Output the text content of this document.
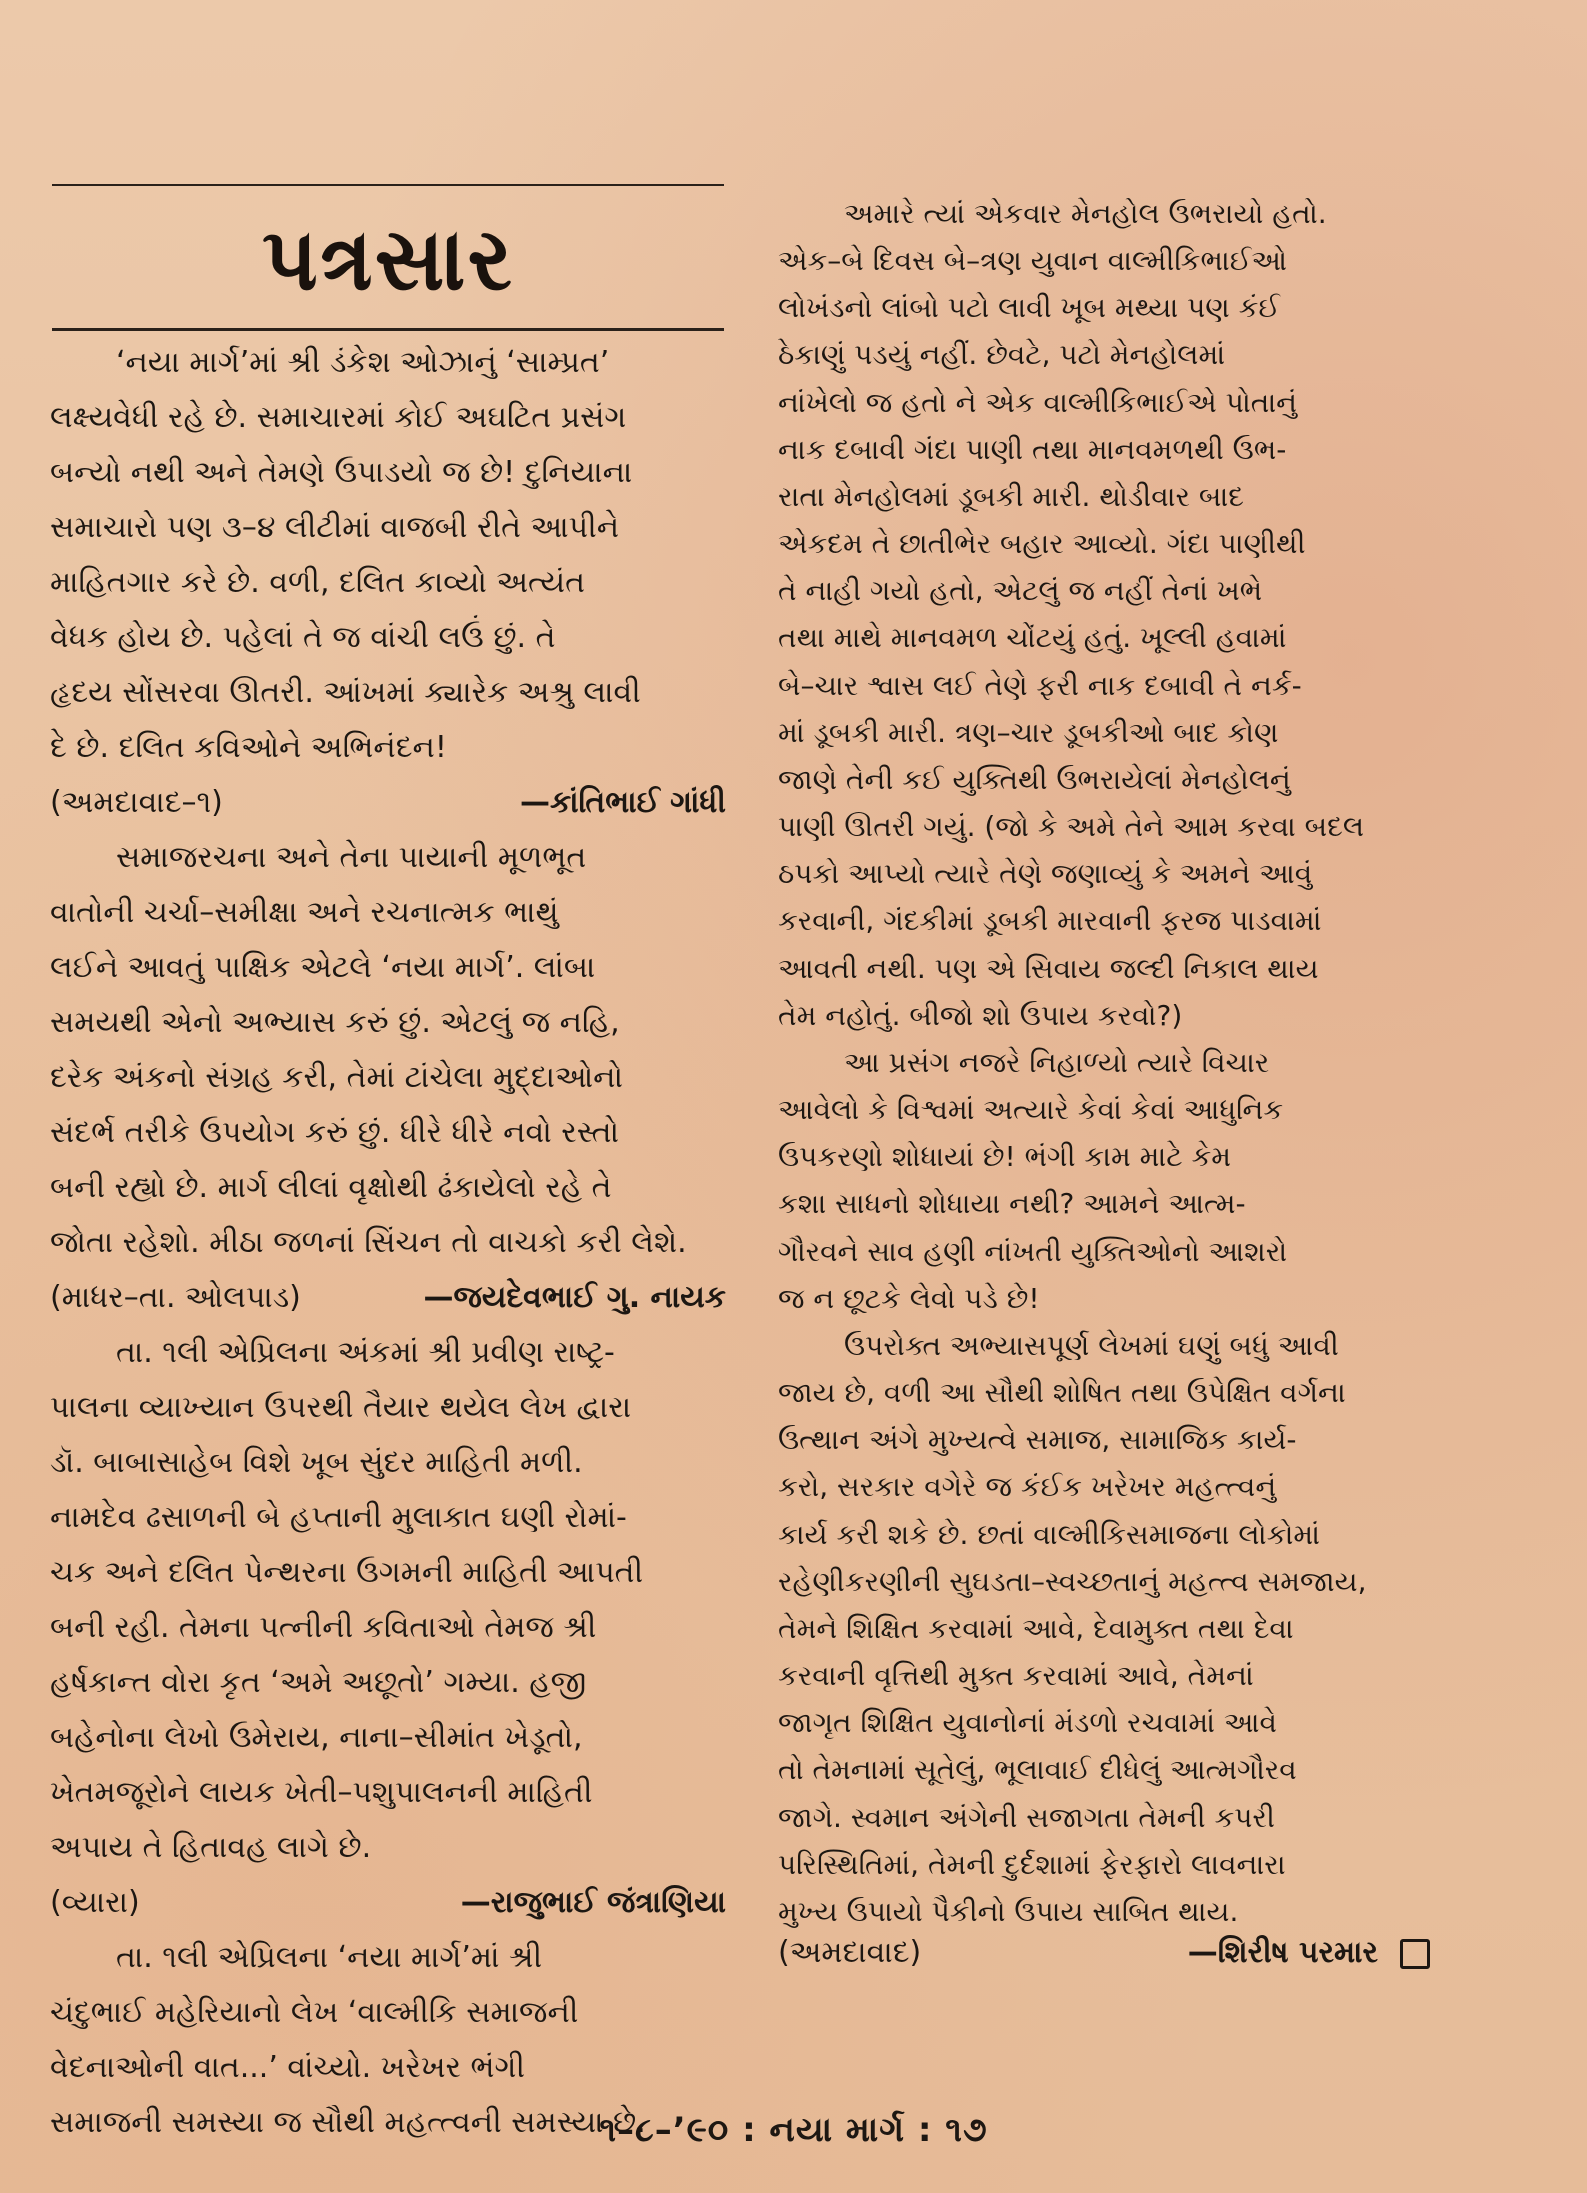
પત્રસાર
‘નયા માર્ગ’માં શ્રી ડંકેશ ઓઝાનું ‘સામ્પ્રત’
લક્ષ્યવેધી રહે છે. સમાચારમાં કોઈ અઘટિત પ્રસંગ
બન્યો નથી અને તેમણે ઉપાડયો જ છે! દુનિયાના
સમાચારો પણ ૩–૪ લીટીમાં વાજબી રીતે આપીને
માહિતગાર કરે છે. વળી, દલિત કાવ્યો અત્યંત
વેધક હોય છે. પહેલાં તે જ વાંચી લઉં છું. તે
હૃદય સોંસરવા ઊતરી. આંખમાં ક્યારેક અશ્રુ લાવી
દે છે. દલિત કવિઓને અભિનંદન!
(અમદાવાદ–૧)	—કાંતિભાઈ ગાંધી
સમાજરચના અને તેના પાયાની મૂળભૂત
વાતોની ચર્ચા–સમીક્ષા અને રચનાત્મક ભાથું
લઈને આવતું પાક્ષિક એટલે ‘નયા માર્ગ’. લાંબા
સમયથી એનો અભ્યાસ કરું છું. એટલું જ નહિ,
દરેક અંકનો સંગ્રહ કરી, તેમાં ટાંચેલા મુદ્દાઓનો
સંદર્ભ તરીકે ઉપયોગ કરું છું. ધીરે ધીરે નવો રસ્તો
બની રહ્યો છે. માર્ગ લીલાં વૃક્ષોથી ઢંકાયેલો રહે તે
જોતા રહેશો. મીઠા જળનાં સિંચન તો વાચકો કરી લેશે.
(માધર–તા. ઓલપાડ)	—જયદેવભાઈ ગુ. નાયક
તા. ૧લી એપ્રિલના અંકમાં શ્રી પ્રવીણ રાષ્ટ્ર-
પાલના વ્યાખ્યાન ઉપરથી તૈયાર થયેલ લેખ દ્વારા
ડૉ. બાબાસાહેબ વિશે ખૂબ સુંદર માહિતી મળી.
નામદેવ ઢસાળની બે હપ્તાની મુલાકાત ઘણી રોમાં-
ચક અને દલિત પેન્થરના ઉગમની માહિતી આપતી
બની રહી. તેમના પત્નીની કવિતાઓ તેમજ શ્રી
હર્ષકાન્ત વોરા કૃત ‘અમે અછૂતો’ ગમ્યા. હજી
બહેનોના લેખો ઉમેરાય, નાના–સીમાંત ખેડૂતો,
ખેતમજૂરોને લાયક ખેતી–પશુપાલનની માહિતી
અપાય તે હિતાવહ લાગે છે.
(વ્યારા)	—રાજુભાઈ જંત્રાણિયા
તા. ૧લી એપ્રિલના ‘નયા માર્ગ’માં શ્રી
ચંદુભાઈ મહેરિયાનો લેખ ‘વાલ્મીકિ સમાજની
વેદનાઓની વાત...’ વાંચ્યો. ખરેખર ભંગી
સમાજની સમસ્યા જ સૌથી મહત્ત્વની સમસ્યા છે.
અમારે ત્યાં એકવાર મેનહોલ ઉભરાયો હતો.
એક–બે દિવસ બે–ત્રણ યુવાન વાલ્મીકિભાઈઓ
લોખંડનો લાંબો પટો લાવી ખૂબ મથ્યા પણ કંઈ
ઠેકાણું પડયું નહીં. છેવટે, પટો મેનહોલમાં
નાંખેલો જ હતો ને એક વાલ્મીકિભાઈએ પોતાનું
નાક દબાવી ગંદા પાણી તથા માનવમળથી ઉભ-
રાતા મેનહોલમાં ડૂબકી મારી. થોડીવાર બાદ
એકદમ તે છાતીભેર બહાર આવ્યો. ગંદા પાણીથી
તે નાહી ગયો હતો, એટલું જ નહીં તેનાં ખભે
તથા માથે માનવમળ ચોંટયું હતું. ખૂલ્લી હવામાં
બે–ચાર શ્વાસ લઈ તેણે ફરી નાક દબાવી તે નર્ક-
માં ડૂબકી મારી. ત્રણ–ચાર ડૂબકીઓ બાદ કોણ
જાણે તેની કઈ યુક્તિથી ઉભરાયેલાં મેનહોલનું
પાણી ઊતરી ગયું. (જો કે અમે તેને આમ કરવા બદલ
ઠપકો આપ્યો ત્યારે તેણે જણાવ્યું કે અમને આવું
કરવાની, ગંદકીમાં ડૂબકી મારવાની ફરજ પાડવામાં
આવતી નથી. પણ એ સિવાય જલ્દી નિકાલ થાય
તેમ નહોતું. બીજો શો ઉપાય કરવો?)
આ પ્રસંગ નજરે નિહાળ્યો ત્યારે વિચાર
આવેલો કે વિશ્વમાં અત્યારે કેવાં કેવાં આધુનિક
ઉપકરણો શોધાયાં છે! ભંગી કામ માટે કેમ
કશા સાધનો શોધાયા નથી? આમને આત્મ-
ગૌરવને સાવ હણી નાંખતી યુક્તિઓનો આશરો
જ ન છૂટકે લેવો પડે છે!
ઉપરોક્ત અભ્યાસપૂર્ણ લેખમાં ઘણું બધું આવી
જાય છે, વળી આ સૌથી શોષિત તથા ઉપેક્ષિત વર્ગના
ઉત્થાન અંગે મુખ્યત્વે સમાજ, સામાજિક કાર્ય-
કરો, સરકાર વગેરે જ કંઈક ખરેખર મહત્ત્વનું
કાર્ય કરી શકે છે. છતાં વાલ્મીકિસમાજના લોકોમાં
રહેણીકરણીની સુઘડતા–સ્વચ્છતાનું મહત્ત્વ સમજાય,
તેમને શિક્ષિત કરવામાં આવે, દેવામુક્ત તથા દેવા
કરવાની વૃત્તિથી મુક્ત કરવામાં આવે, તેમનાં
જાગૃત શિક્ષિત યુવાનોનાં મંડળો રચવામાં આવે
તો તેમનામાં સૂતેલું, ભૂલાવાઈ દીધેલું આત્મગૌરવ
જાગે. સ્વમાન અંગેની સજાગતા તેમની કપરી
પરિસ્થિતિમાં, તેમની દુર્દશામાં ફેરફારો લાવનારા
મુખ્ય ઉપાયો પૈકીનો ઉપાય સાબિત થાય.
(અમદાવાદ)	—શિરીષ પરમાર
૧–૮–’૯૦ : નયા માર્ગ : ૧૭
